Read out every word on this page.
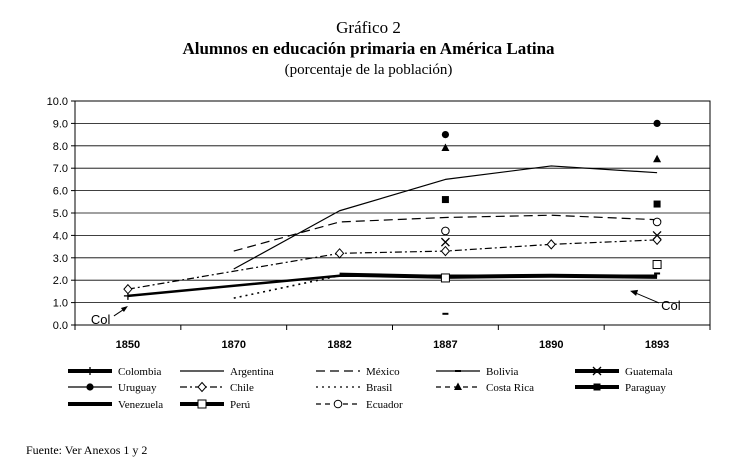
Gráfico 2
Alumnos en educación primaria en América Latina
(porcentaje de la población)
10.0
9.0
8.0
7.0
6.0
5.0
4.0
3.0
2.0
1.0
0.0
1850	1870	1882	1887	1890	1893
Col
Col
Colombia	Argentina	México	Bolivia	Guatemala
Uruguay	Chile	Brasil	Costa Rica	Paraguay
Venezuela	Perú	Ecuador
Fuente: Ver Anexos 1 y 2
